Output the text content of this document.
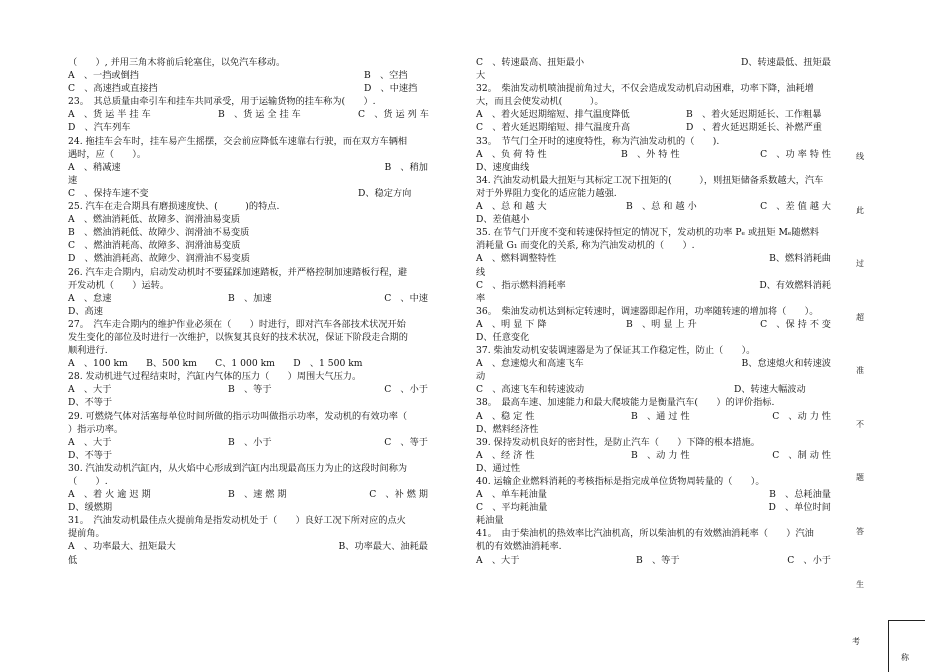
（　　）, 并用三角木将前后轮塞住，以免汽车移动。
A　、一挡或倒挡	B　、空挡
C　、高速挡或直接挡	D　、中速挡
23。　其总质量由牵引车和挂车共同承受，用于运输货物的挂车称为(　　）.
A　、货 运 半 挂 车	B　、货 运 全 挂 车	C　、货 运 列 车
D　、汽车列车
24. 拖挂车会车时，挂车易产生摇摆，交会前应降低车速靠右行驶，而在双方车辆相
遇时，应（　　）。
A　、稍减速	B　、稍加
速
C　、保持车速不变	D、稳定方向
25. 汽车在走合期具有磨损速度快、(　　　)的特点.
A　、燃油消耗低、故障多、润滑油易变质
B　、燃油消耗低、故障少、润滑油不易变质
C　、燃油消耗高、故障多、润滑油易变质
D　、燃油消耗高、故障少、润滑油不易变质
26. 汽车走合期内，启动发动机时不要猛踩加速踏板，并严格控制加速踏板行程，避
开发动机（　　）运转。
A　、怠速	B　、加速	C　、中速
D、高速
27。　汽车走合期内的维护作业必须在（　　）时进行，即对汽车各部技术状况开始
发生变化的部位及时进行一次维护，以恢复其良好的技术状况，保证下阶段走合期的
顺利进行.
A　、100 km　　B、500 km　　C、1 000 km　　D　、1 500 km
28. 发动机进气过程结束时，汽缸内气体的压力（　　）周围大气压力。
A　、大于	B　、等于	C　、小于
D、不等于
29. 可燃烧气体对活塞每单位时间所做的指示功叫做指示功率，发动机的有效功率（
）指示功率。
A　、大于	B　、小于	C　、等于
D、不等于
30. 汽油发动机汽缸内，从火焰中心形成到汽缸内出现最高压力为止的这段时间称为
（　　）.
A　、着 火 逾 迟 期	B　、速 燃 期	C　、补 燃 期
D、缓燃期
31。　汽油发动机最佳点火提前角是指发动机处于（　　）良好工况下所对应的点火
提前角。
A　、功率最大、扭矩最大	B、功率最大、油耗最
低
C　、转速最高、扭矩最小	D、转速最低、扭矩最
大
32。　柴油发动机喷油提前角过大，不仅会造成发动机启动困难，功率下降，油耗增
大，而且会使发动机(　　　）。
A　、着火延迟期缩短、排气温度降低	B　、着火延迟期延长、工作粗暴
C　、着火延迟期缩短、排气温度升高	D　、着火延迟期延长、补燃严重
33。　节气门全开时的速度特性，称为汽油发动机的（　　).
A　、负 荷 特 性	B　、外 特 性	C　、功 率 特 性
D、速度曲线
34. 汽油发动机最大扭矩与其标定工况下扭矩的(　　　），则扭矩储备系数越大，汽车
对于外界阻力变化的适应能力越强.
A　、总 和 越 大	B　、总 和 越 小	C　、差 值 越 大
D、差值越小
35. 在节气门开度不变和转速保持恒定的情况下，发动机的功率 Pₑ 或扭矩 Mₑ随燃料
消耗量 G₁ 而变化的关系, 称为汽油发动机的（　　）.
A　、燃料调整特性	B、燃料消耗曲
线
C　、指示燃料消耗率	D、有效燃料消耗
率
36。　柴油发动机达到标定转速时，调速器即起作用，功率随转速的增加将（　　）。
A　、明 显 下 降	B　、明 显 上 升	C　、保 持 不 变
D、任意变化
37. 柴油发动机安装调速器是为了保证其工作稳定性，防止（　　）。
A　、怠速熄火和高速飞车	B、怠速熄火和转速波
动
C　、高速飞车和转速波动	D、转速大幅波动
38。　最高车速、加速能力和最大爬坡能力是衡量汽车(　　）的评价指标.
A　、稳 定 性	B　、通 过 性	C　、动 力 性
D、燃料经济性
39. 保持发动机良好的密封性，是防止汽车（　　）下降的根本措施。
A　、经 济 性	B　、动 力 性	C　、制 动 性
D、通过性
40. 运输企业燃料消耗的考核指标是指完成单位货物周转量的（　　）。
A　、单车耗油量	B　、总耗油量
C　、平均耗油量	D　、单位时间
耗油量
41。　由于柴油机的热效率比汽油机高，所以柴油机的有效燃油消耗率（　　）汽油
机的有效燃油消耗率.
A　、大于	B　、等于	C　、小于
线
此
过
超
准
不
题
答
生
考
称
